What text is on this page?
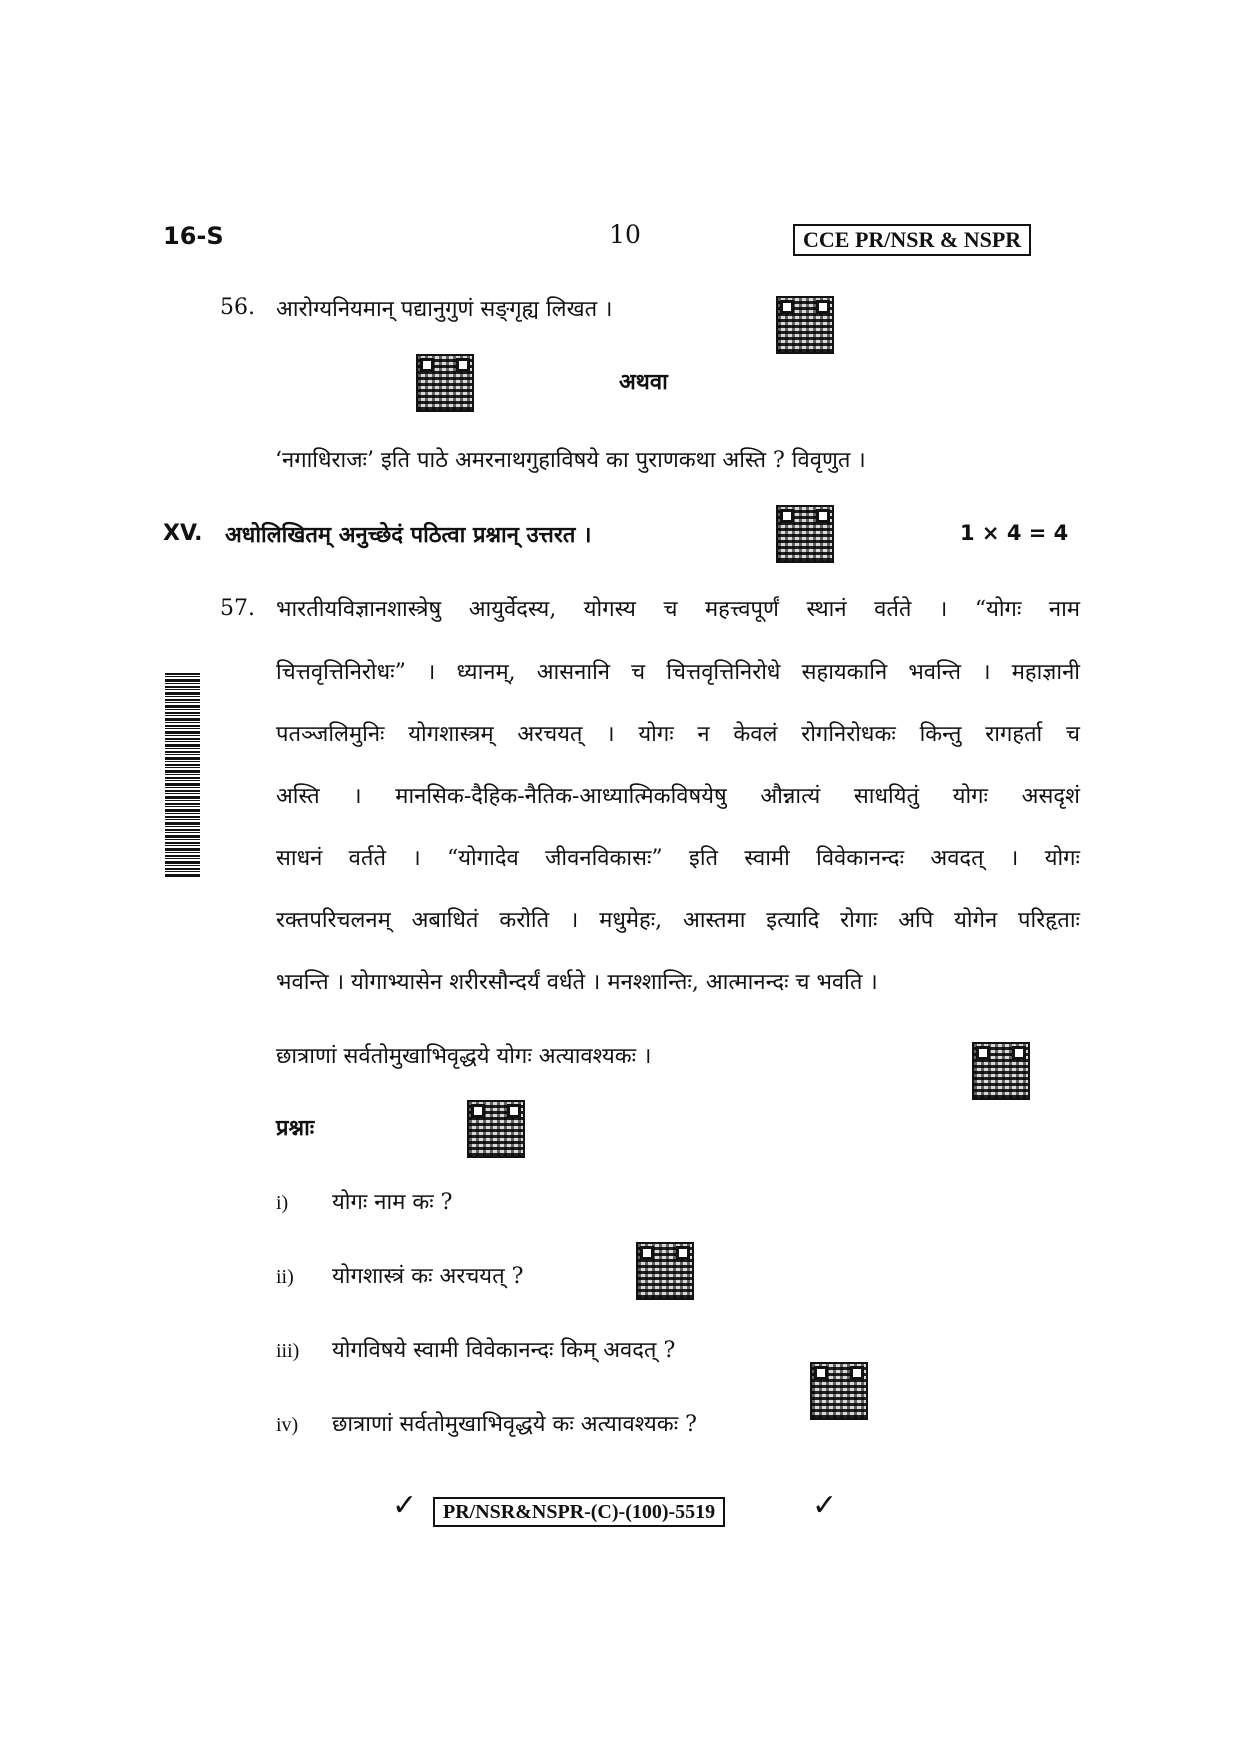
16-S	10	CCE PR/NSR & NSPR
56. आरोग्यनियमान् पद्यानुगुणं सङ्गृह्य लिखत ।
अथवा
‘नगाधिराजः’ इति पाठे अमरनाथगुहाविषये का पुराणकथा अस्ति ? विवृणुत ।
XV. अधोलिखितम् अनुच्छेदं पठित्वा प्रश्नान् उत्तरत ।	1 × 4 = 4
57. भारतीयविज्ञानशास्त्रेषु आयुर्वेदस्य, योगस्य च महत्त्वपूर्णं स्थानं वर्तते । “योगः नाम
चित्तवृत्तिनिरोधः” । ध्यानम्, आसनानि च चित्तवृत्तिनिरोधे सहायकानि भवन्ति । महाज्ञानी
पतञ्जलिमुनिः योगशास्त्रम् अरचयत् । योगः न केवलं रोगनिरोधकः किन्तु रागहर्ता च
अस्ति । मानसिक-दैहिक-नैतिक-आध्यात्मिकविषयेषु औन्नात्यं साधयितुं योगः असदृशं
साधनं वर्तते । “योगादेव जीवनविकासः” इति स्वामी विवेकानन्दः अवदत् । योगः
रक्तपरिचलनम् अबाधितं करोति । मधुमेहः, आस्तमा इत्यादि रोगाः अपि योगेन परिहृताः
भवन्ति । योगाभ्यासेन शरीरसौन्दर्यं वर्धते । मनश्शान्तिः, आत्मानन्दः च भवति ।
छात्राणां सर्वतोमुखाभिवृद्धये योगः अत्यावश्यकः ।
प्रश्नाः
i) योगः नाम कः ?
ii) योगशास्त्रं कः अरचयत् ?
iii) योगविषये स्वामी विवेकानन्दः किम् अवदत् ?
iv) छात्राणां सर्वतोमुखाभिवृद्धये कः अत्यावश्यकः ?
✓	PR/NSR&NSPR-(C)-(100)-5519	✓
